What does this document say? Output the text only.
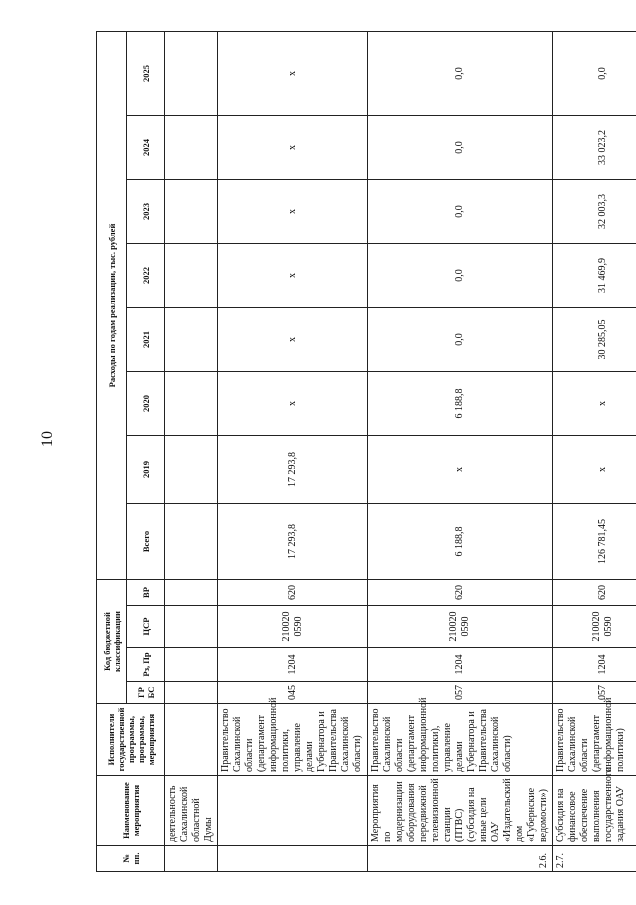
10
№ пп.	Наименование мероприятия	Исполнители государственной программы, программы, мероприятия	Код бюджетной классификации				Расходы по годам реализации, тыс. рублей							
			ГР БС	Рз, Пр	ЦСР	ВР	Всего	2019	2020	2021	2022	2023	2024	2025
	деятельность Сахалинской областной Думы													
		Правительство Сахалинской области (департамент информационной политики, управление делами Губернатора и Правительства Сахалинской области)	045	1204	210020 0590	620	17 293,8	17 293,8	х	х	х	х	х	х
2.6.	Мероприятия по модернизации оборудования передвижной телевизионной станции (ПТВС) (субсидия на иные цели ОАУ «Издательский дом «Губернские ведомости»)	Правительство Сахалинской области (департамент информационной политики), управление делами Губернатора и Правительства Сахалинской области)	057	1204	210020 0590	620	6 188,8	х	6 188,8	0,0	0,0	0,0	0,0	0,0
2.7.	Субсидия на финансовое обеспечение выполнения государственного задания ОАУ	Правительство Сахалинской области (департамент информационной политики)	057	1204	210020 0590	620	126 781,45	х	х	30 285,05	31 469,9	32 003,3	33 023,2	0,0
